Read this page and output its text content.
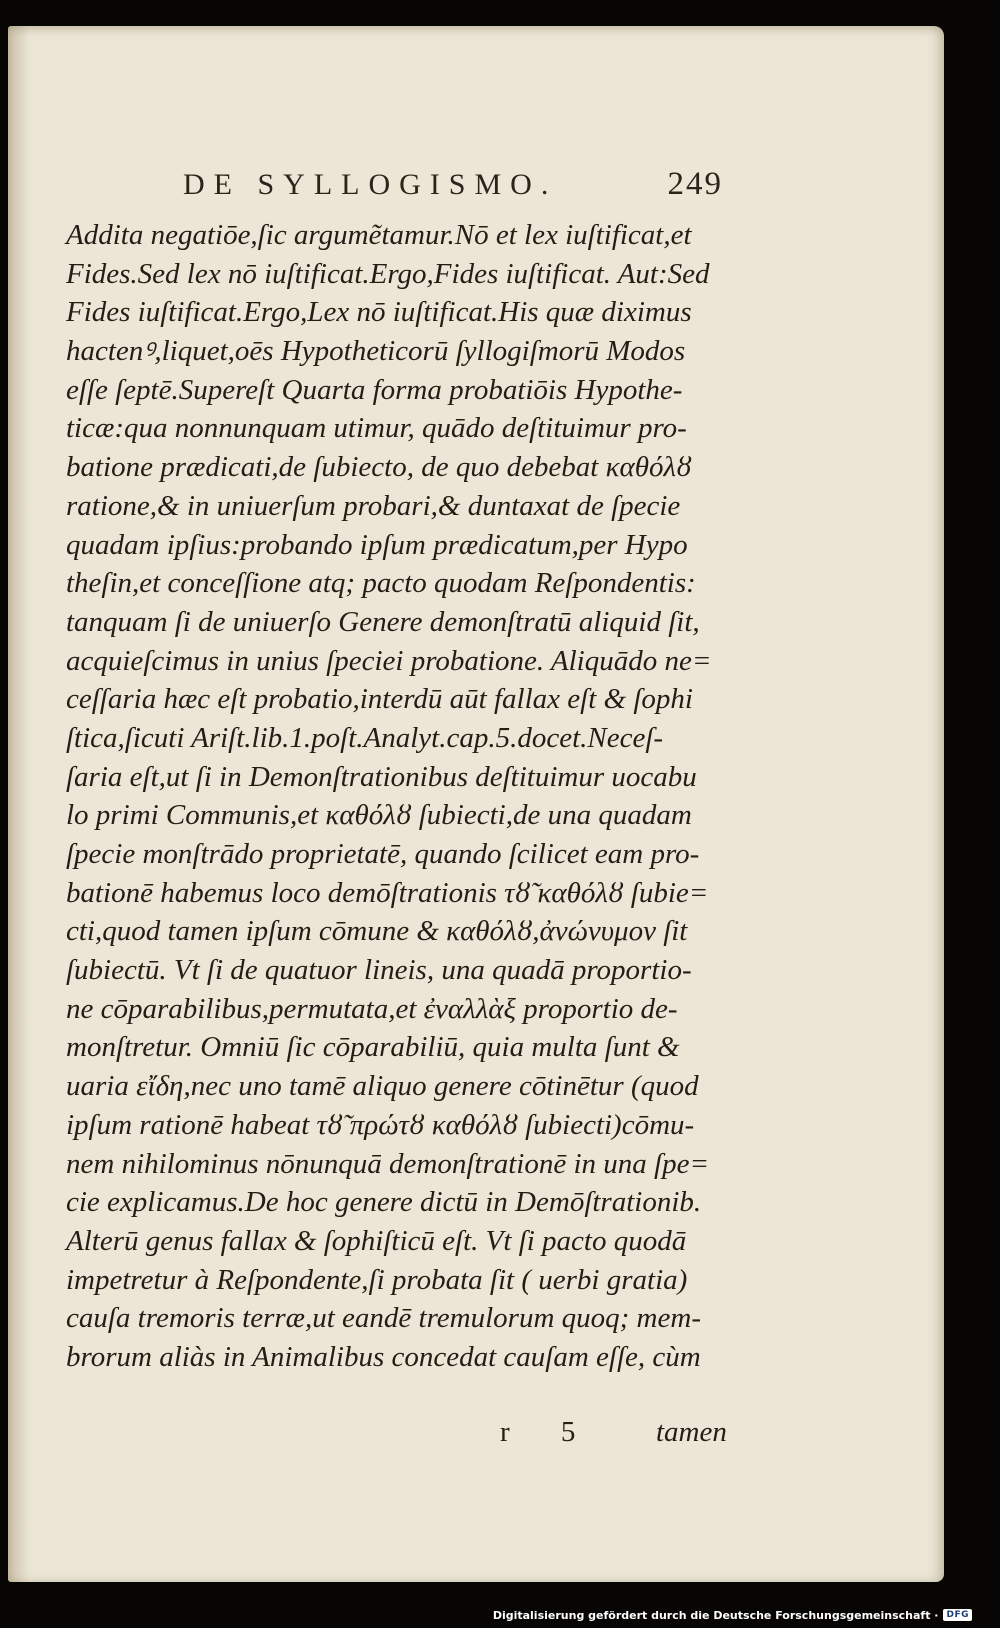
DE SYLLOGISMO.	249
Addita negatiōe,ſic argumẽtamur.Nō et lex iuſtificat,et
Fides.Sed lex nō iuſtificat.Ergo,Fides iuſtificat. Aut:Sed
Fides iuſtificat.Ergo,Lex nō iuſtificat.His quæ diximus
hactenꝰ,liquet,oēs Hypotheticorū ſyllogiſmorū Modos
eſſe ſeptē.Supereſt Quarta forma probatiōis Hypothe-
ticæ:qua nonnunquam utimur, quādo deſtituimur pro-
batione prædicati,de ſubiecto, de quo debebat καθόλȣ
ratione,& in uniuerſum probari,& duntaxat de ſpecie
quadam ipſius:probando ipſum prædicatum,per Hypo
theſin,et conceſſione atq; pacto quodam Reſpondentis:
tanquam ſi de uniuerſo Genere demonſtratū aliquid ſit,
acquieſcimus in unius ſpeciei probatione. Aliquādo ne=
ceſſaria hæc eſt probatio,interdū aūt fallax eſt & ſophi
ſtica,ſicuti Ariſt.lib.1.poſt.Analyt.cap.5.docet.Neceſ-
ſaria eſt,ut ſi in Demonſtrationibus deſtituimur uocabu
lo primi Communis,et καθόλȣ ſubiecti,de una quadam
ſpecie monſtrādo proprietatē, quando ſcilicet eam pro-
bationē habemus loco demōſtrationis τȣ̃ καθόλȣ ſubie=
cti,quod tamen ipſum cōmune & καθόλȣ,ἀνώνυμον ſit
ſubiectū. Vt ſi de quatuor lineis, una quadā proportio-
ne cōparabilibus,permutata,et ἐναλλὰξ proportio de-
monſtretur. Omniū ſic cōparabiliū, quia multa ſunt &
uaria εἴδη,nec uno tamē aliquo genere cōtinētur (quod
ipſum rationē habeat τȣ̃ πρώτȣ καθόλȣ ſubiecti)cōmu-
nem nihilominus nōnunquā demonſtrationē in una ſpe=
cie explicamus.De hoc genere dictū in Demōſtrationib.
Alterū genus fallax & ſophiſticū eſt. Vt ſi pacto quodā
impetretur à Reſpondente,ſi probata ſit ( uerbi gratia)
cauſa tremoris terræ,ut eandē tremulorum quoq; mem-
brorum aliàs in Animalibus concedat cauſam eſſe, cùm
r 5 tamen
Digitalisierung gefördert durch die Deutsche Forschungsgemeinschaft · DFG
